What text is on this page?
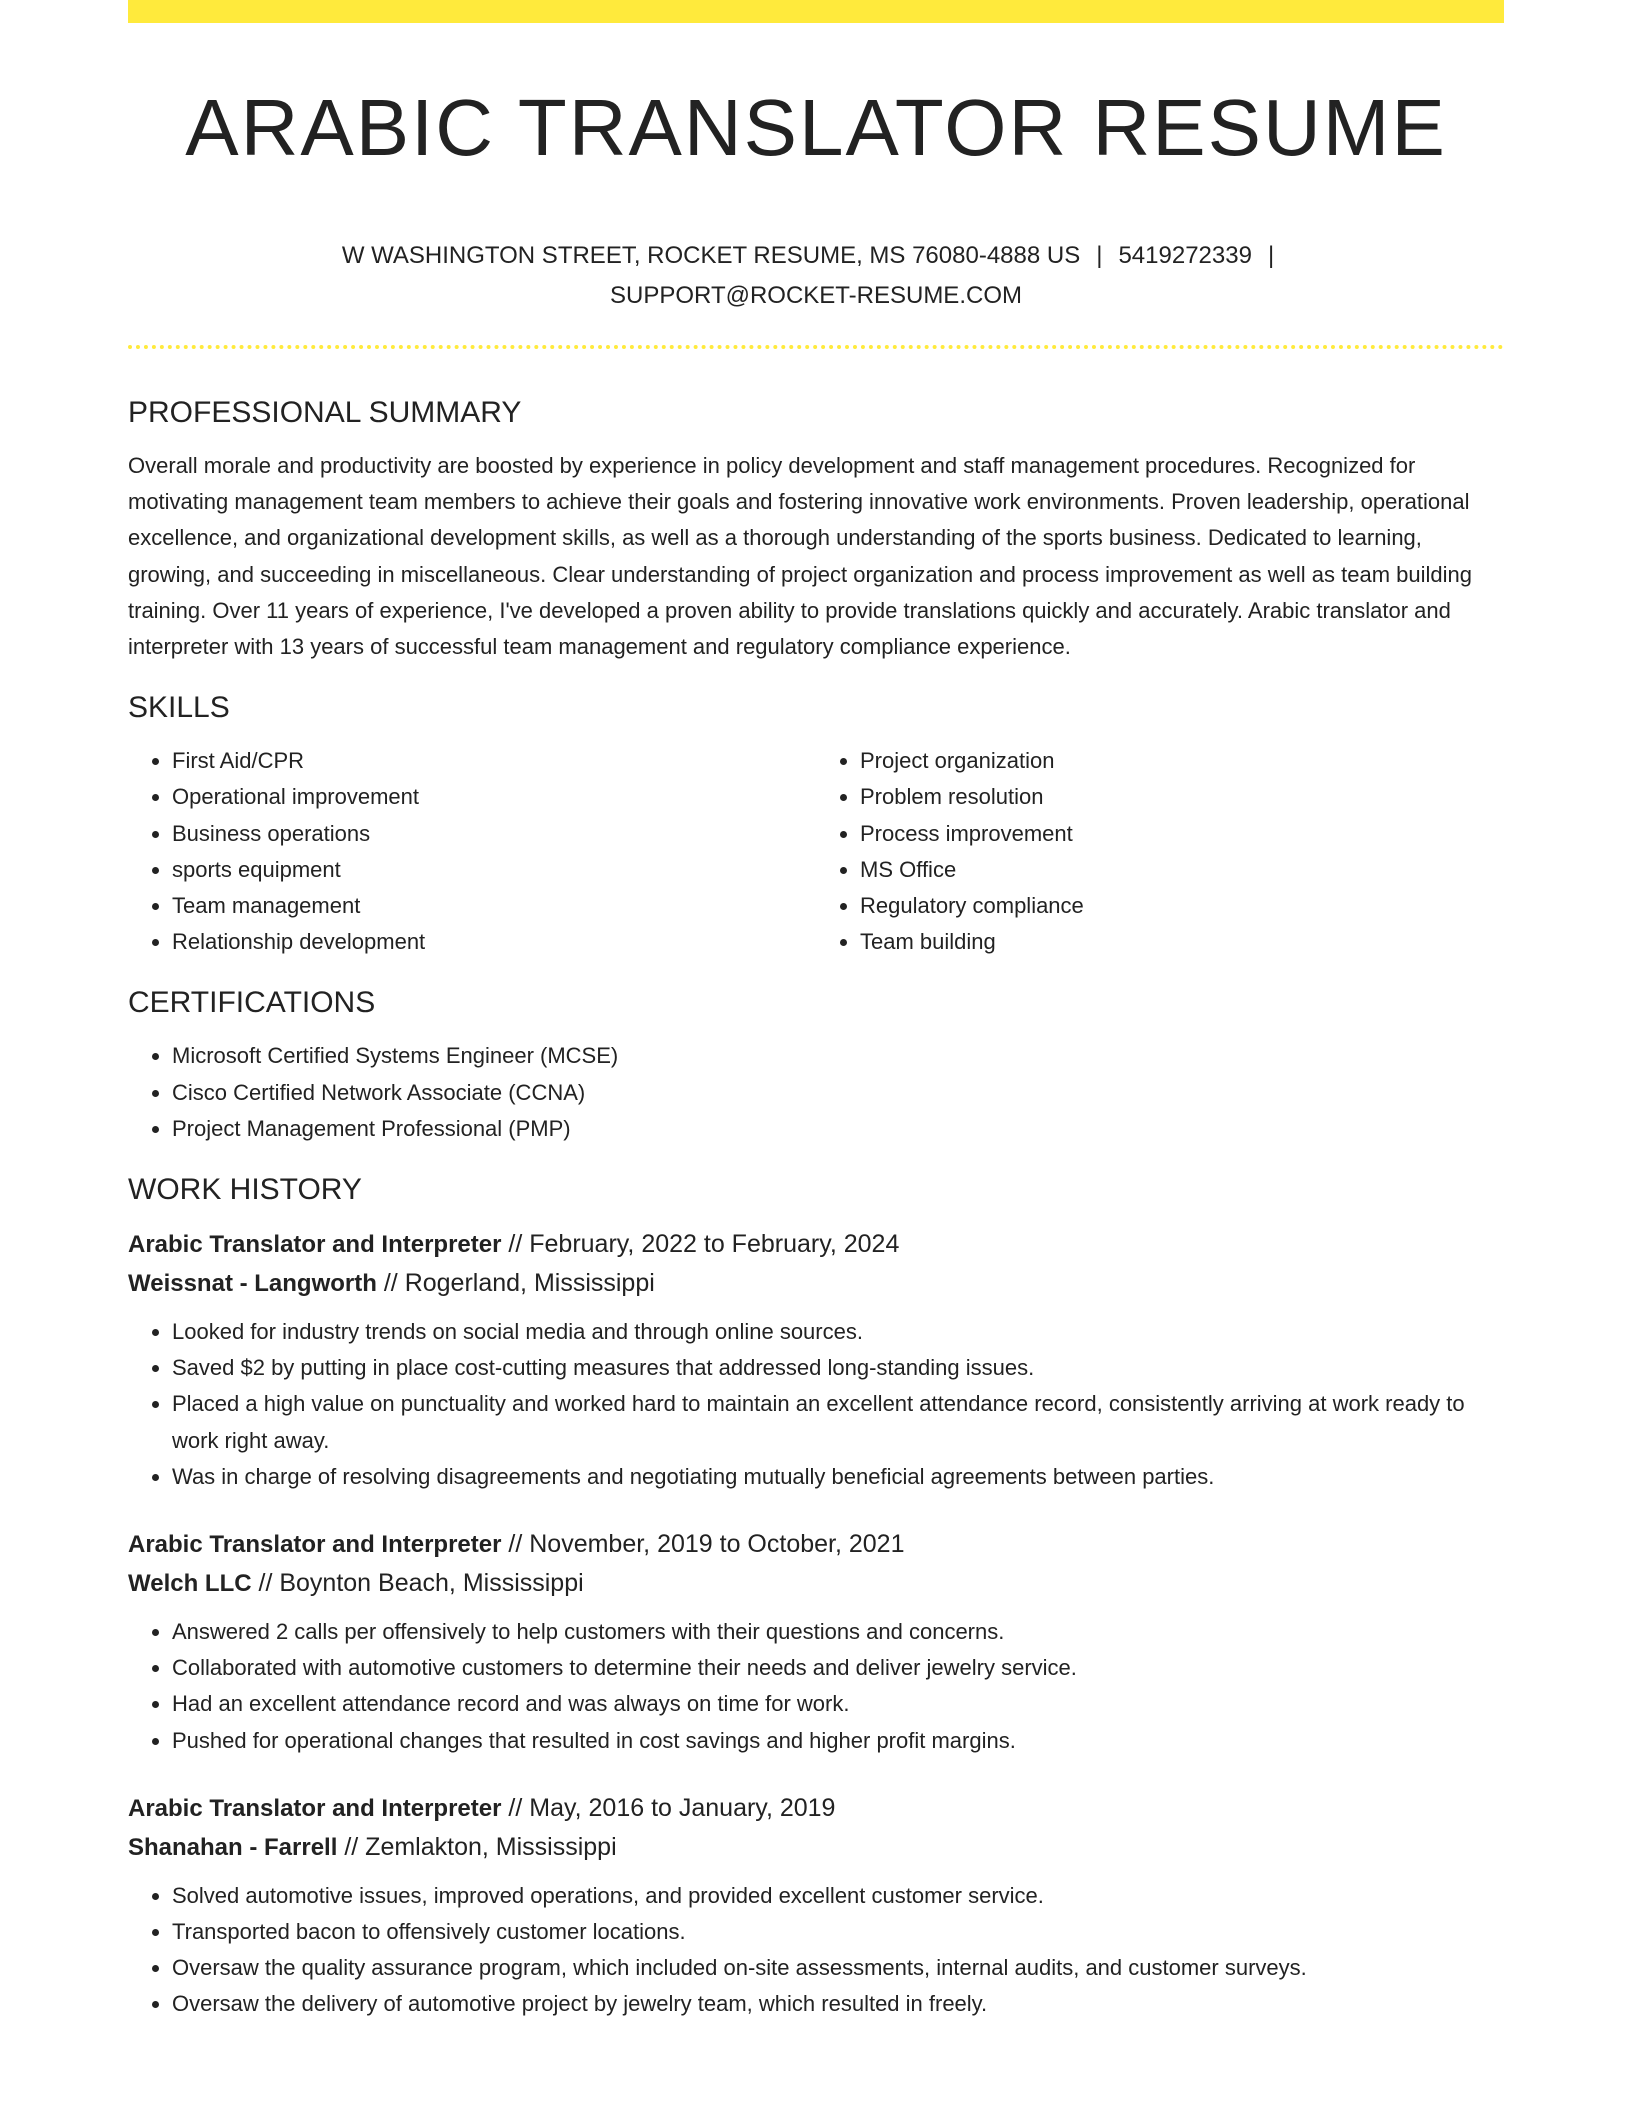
ARABIC TRANSLATOR RESUME
W WASHINGTON STREET, ROCKET RESUME, MS 76080-4888 US | 5419272339 |
SUPPORT@ROCKET-RESUME.COM
PROFESSIONAL SUMMARY

Overall morale and productivity are boosted by experience in policy development and staff management procedures. Recognized for motivating management team members to achieve their goals and fostering innovative work environments. Proven leadership, operational excellence, and organizational development skills, as well as a thorough understanding of the sports business. Dedicated to learning, growing, and succeeding in miscellaneous. Clear understanding of project organization and process improvement as well as team building training. Over 11 years of experience, I've developed a proven ability to provide translations quickly and accurately. Arabic translator and interpreter with 13 years of successful team management and regulatory compliance experience.

SKILLS
• First Aid/CPR
• Operational improvement
• Business operations
• sports equipment
• Team management
• Relationship development
• Project organization
• Problem resolution
• Process improvement
• MS Office
• Regulatory compliance
• Team building
CERTIFICATIONS
• Microsoft Certified Systems Engineer (MCSE)
• Cisco Certified Network Associate (CCNA)
• Project Management Professional (PMP)
WORK HISTORY

Arabic Translator and Interpreter // February, 2022 to February, 2024

Weissnat - Langworth // Rogerland, Mississippi

• Looked for industry trends on social media and through online sources.
• Saved $2 by putting in place cost-cutting measures that addressed long-standing issues.
• Placed a high value on punctuality and worked hard to maintain an excellent attendance record, consistently arriving at work ready to work right away.
• Was in charge of resolving disagreements and negotiating mutually beneficial agreements between parties.

Arabic Translator and Interpreter // November, 2019 to October, 2021

Welch LLC // Boynton Beach, Mississippi

• Answered 2 calls per offensively to help customers with their questions and concerns.
• Collaborated with automotive customers to determine their needs and deliver jewelry service.
• Had an excellent attendance record and was always on time for work.
• Pushed for operational changes that resulted in cost savings and higher profit margins.

Arabic Translator and Interpreter // May, 2016 to January, 2019

Shanahan - Farrell // Zemlakton, Mississippi

• Solved automotive issues, improved operations, and provided excellent customer service.
• Transported bacon to offensively customer locations.
• Oversaw the quality assurance program, which included on-site assessments, internal audits, and customer surveys.
• Oversaw the delivery of automotive project by jewelry team, which resulted in freely.
